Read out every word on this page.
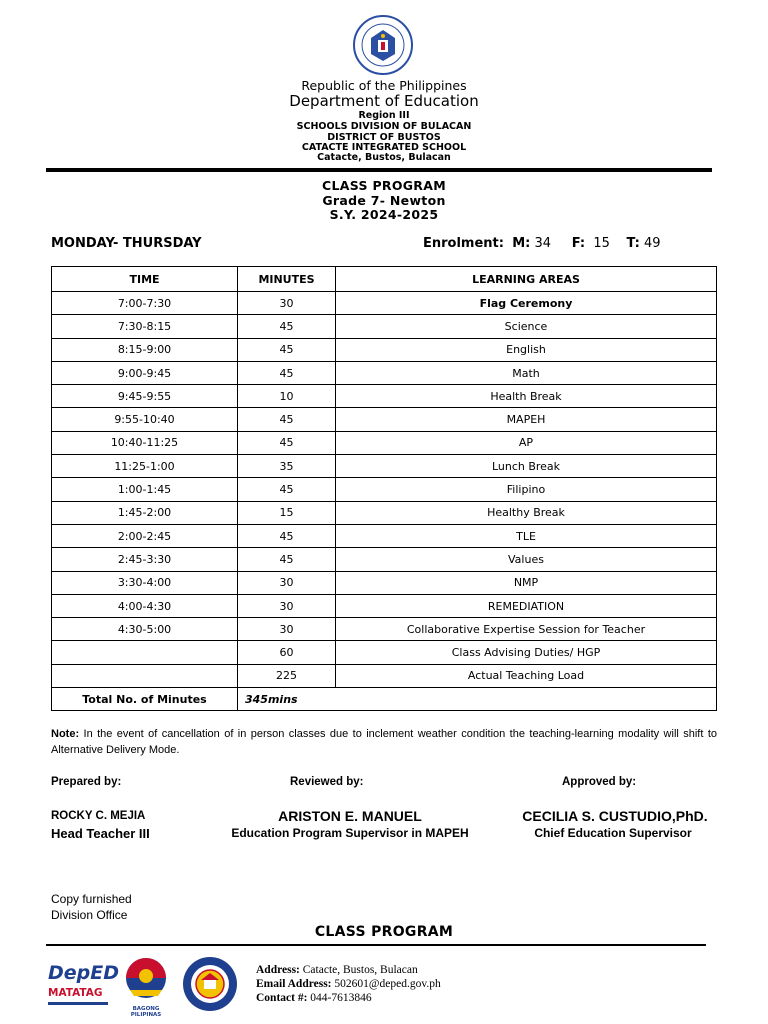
Republic of the Philippines
Department of Education
Region III
SCHOOLS DIVISION OF BULACAN
DISTRICT OF BUSTOS
CATACTE INTEGRATED SCHOOL
Catacte, Bustos, Bulacan
CLASS PROGRAM
Grade 7- Newton
S.Y. 2024-2025
MONDAY- THURSDAY	Enrolment: M: 34 F: 15 T: 49
TIME	MINUTES	LEARNING AREAS
7:00-7:30	30	Flag Ceremony
7:30-8:15	45	Science
8:15-9:00	45	English
9:00-9:45	45	Math
9:45-9:55	10	Health Break
9:55-10:40	45	MAPEH
10:40-11:25	45	AP
11:25-1:00	35	Lunch Break
1:00-1:45	45	Filipino
1:45-2:00	15	Healthy Break
2:00-2:45	45	TLE
2:45-3:30	45	Values
3:30-4:00	30	NMP
4:00-4:30	30	REMEDIATION
4:30-5:00	30	Collaborative Expertise Session for Teacher
	60	Class Advising Duties/ HGP
	225	Actual Teaching Load
Total No. of Minutes	345mins	
Note: In the event of cancellation of in person classes due to inclement weather condition the teaching-learning modality will shift to Alternative Delivery Mode.
Prepared by:	Reviewed by:	Approved by:
ROCKY C. MEJIA
Head Teacher III
ARISTON E. MANUEL
Education Program Supervisor in MAPEH
CECILIA S. CUSTUDIO,PhD.
Chief Education Supervisor
Copy furnished
Division Office
CLASS PROGRAM
DepED
MATATAG
BAGONG PILIPINAS
Address: Catacte, Bustos, Bulacan
Email Address: 502601@deped.gov.ph
Contact #: 044-7613846
